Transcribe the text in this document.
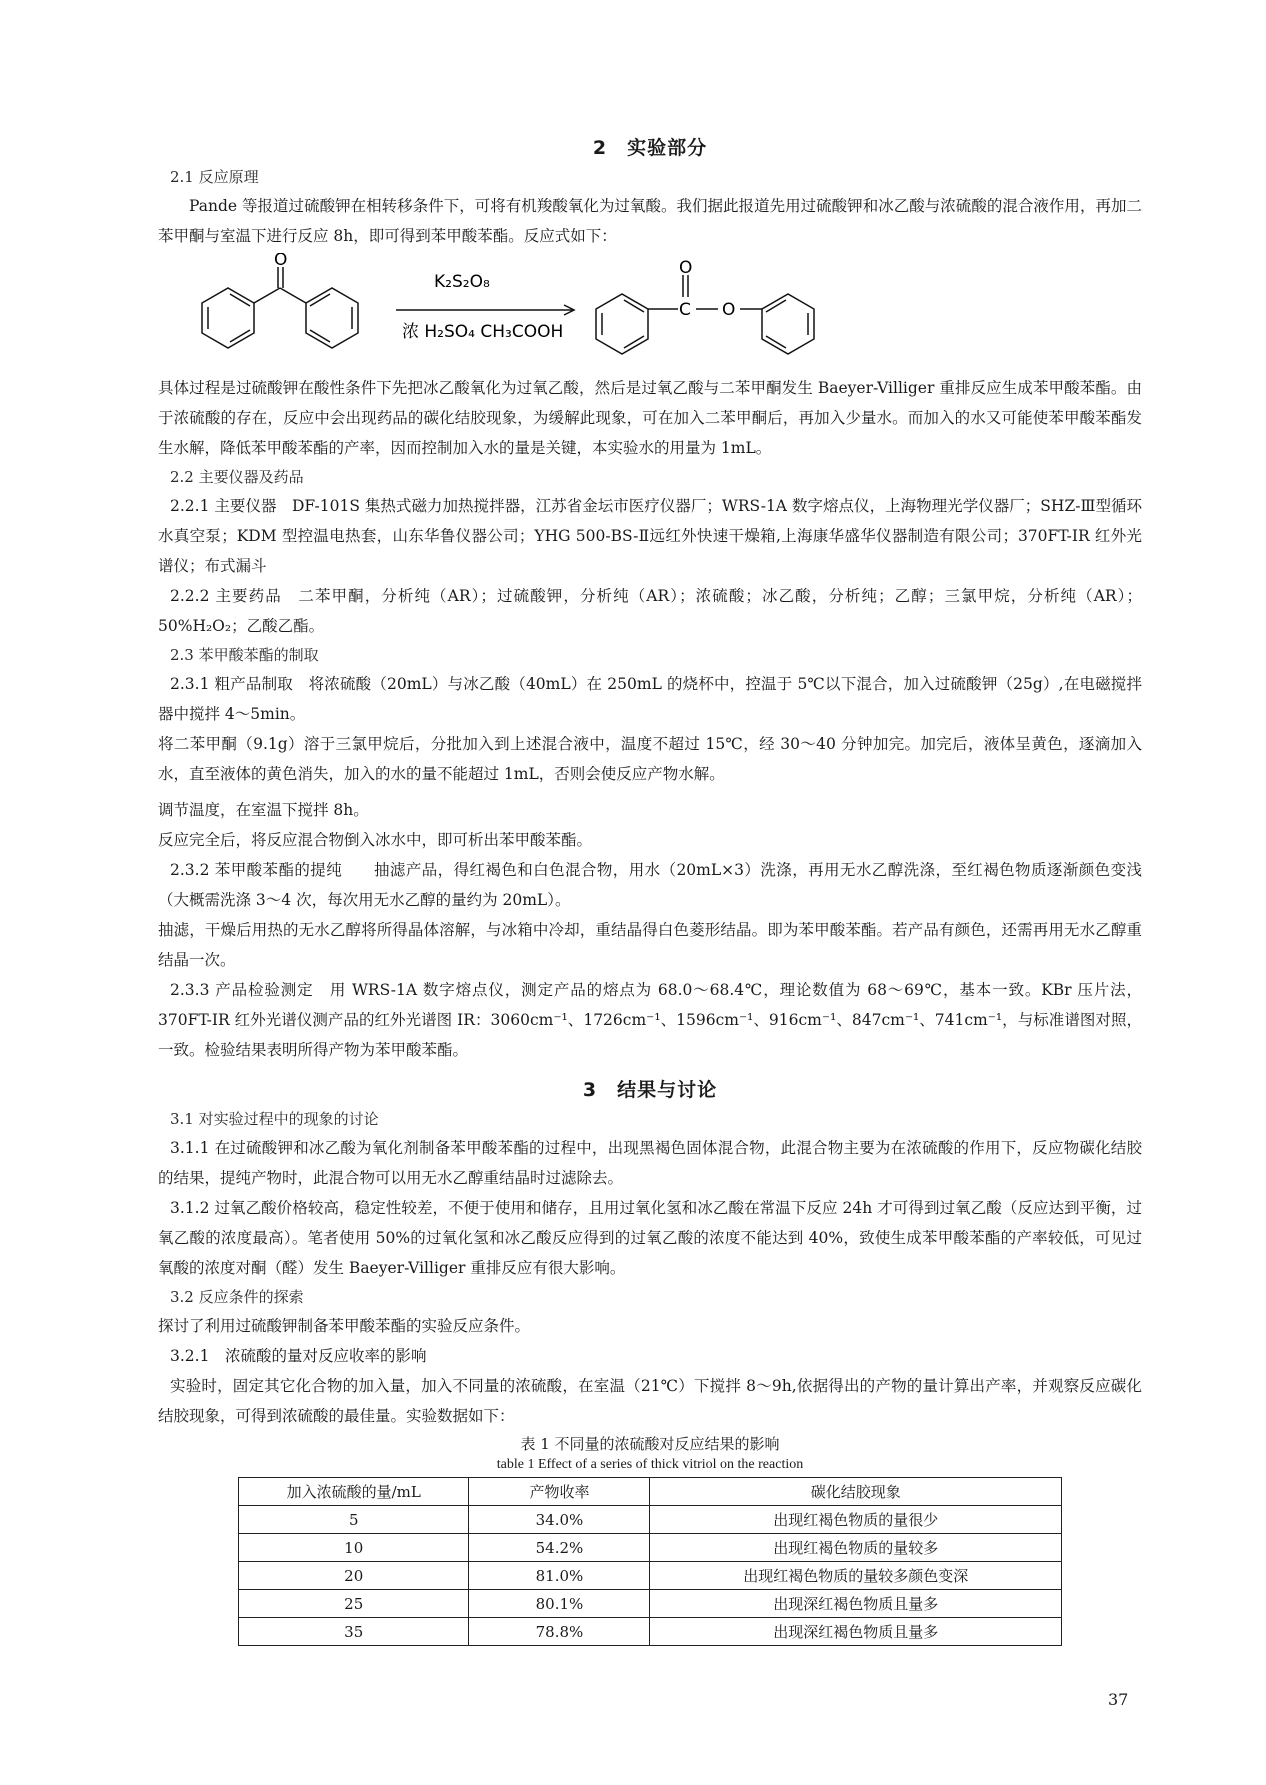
2　实验部分
2.1 反应原理

Pande 等报道过硫酸钾在相转移条件下，可将有机羧酸氧化为过氧酸。我们据此报道先用过硫酸钾和冰乙酸与浓硫酸的混合液作用，再加二苯甲酮与室温下进行反应 8h，即可得到苯甲酸苯酯。反应式如下：

O
K₂S₂O₈
浓 H₂SO₄ CH₃COOH
O
C O

具体过程是过硫酸钾在酸性条件下先把冰乙酸氧化为过氧乙酸，然后是过氧乙酸与二苯甲酮发生 Baeyer-Villiger 重排反应生成苯甲酸苯酯。由于浓硫酸的存在，反应中会出现药品的碳化结胶现象，为缓解此现象，可在加入二苯甲酮后，再加入少量水。而加入的水又可能使苯甲酸苯酯发生水解，降低苯甲酸苯酯的产率，因而控制加入水的量是关键，本实验水的用量为 1mL。

2.2 主要仪器及药品

2.2.1 主要仪器　DF-101S 集热式磁力加热搅拌器，江苏省金坛市医疗仪器厂；WRS-1A 数字熔点仪，上海物理光学仪器厂；SHZ-Ⅲ型循环水真空泵；KDM 型控温电热套，山东华鲁仪器公司；YHG 500-BS-Ⅱ远红外快速干燥箱,上海康华盛华仪器制造有限公司；370FT-IR 红外光谱仪；布式漏斗

2.2.2 主要药品　二苯甲酮，分析纯（AR）；过硫酸钾，分析纯（AR）；浓硫酸；冰乙酸，分析纯；乙醇；三氯甲烷，分析纯（AR）；50%H₂O₂；乙酸乙酯。

2.3 苯甲酸苯酯的制取

2.3.1 粗产品制取　将浓硫酸（20mL）与冰乙酸（40mL）在 250mL 的烧杯中，控温于 5℃以下混合，加入过硫酸钾（25g）,在电磁搅拌器中搅拌 4～5min。

将二苯甲酮（9.1g）溶于三氯甲烷后，分批加入到上述混合液中，温度不超过 15℃，经 30～40 分钟加完。加完后，液体呈黄色，逐滴加入水，直至液体的黄色消失，加入的水的量不能超过 1mL，否则会使反应产物水解。

调节温度，在室温下搅拌 8h。

反应完全后，将反应混合物倒入冰水中，即可析出苯甲酸苯酯。

2.3.2 苯甲酸苯酯的提纯　　抽滤产品，得红褐色和白色混合物，用水（20mL×3）洗涤，再用无水乙醇洗涤，至红褐色物质逐渐颜色变浅（大概需洗涤 3～4 次，每次用无水乙醇的量约为 20mL）。

抽滤，干燥后用热的无水乙醇将所得晶体溶解，与冰箱中冷却，重结晶得白色菱形结晶。即为苯甲酸苯酯。若产品有颜色，还需再用无水乙醇重结晶一次。

2.3.3 产品检验测定　用 WRS-1A 数字熔点仪，测定产品的熔点为 68.0～68.4℃，理论数值为 68～69℃，基本一致。KBr 压片法，370FT-IR 红外光谱仪测产品的红外光谱图 IR：3060cm⁻¹、1726cm⁻¹、1596cm⁻¹、916cm⁻¹、847cm⁻¹、741cm⁻¹，与标准谱图对照，一致。检验结果表明所得产物为苯甲酸苯酯。

3　结果与讨论
3.1 对实验过程中的现象的讨论

3.1.1 在过硫酸钾和冰乙酸为氧化剂制备苯甲酸苯酯的过程中，出现黑褐色固体混合物，此混合物主要为在浓硫酸的作用下，反应物碳化结胶的结果，提纯产物时，此混合物可以用无水乙醇重结晶时过滤除去。

3.1.2 过氧乙酸价格较高，稳定性较差，不便于使用和储存，且用过氧化氢和冰乙酸在常温下反应 24h 才可得到过氧乙酸（反应达到平衡，过氧乙酸的浓度最高）。笔者使用 50%的过氧化氢和冰乙酸反应得到的过氧乙酸的浓度不能达到 40%，致使生成苯甲酸苯酯的产率较低，可见过氧酸的浓度对酮（醛）发生 Baeyer-Villiger 重排反应有很大影响。

3.2 反应条件的探索

探讨了利用过硫酸钾制备苯甲酸苯酯的实验反应条件。

3.2.1　浓硫酸的量对反应收率的影响

实验时，固定其它化合物的加入量，加入不同量的浓硫酸，在室温（21℃）下搅拌 8～9h,依据得出的产物的量计算出产率，并观察反应碳化结胶现象，可得到浓硫酸的最佳量。实验数据如下：

表 1 不同量的浓硫酸对反应结果的影响

table 1 Effect of a series of thick vitriol on the reaction

加入浓硫酸的量/mL	产物收率	碳化结胶现象
5	34.0%	出现红褐色物质的量很少
10	54.2%	出现红褐色物质的量较多
20	81.0%	出现红褐色物质的量较多颜色变深
25	80.1%	出现深红褐色物质且量多
35	78.8%	出现深红褐色物质且量多
37
